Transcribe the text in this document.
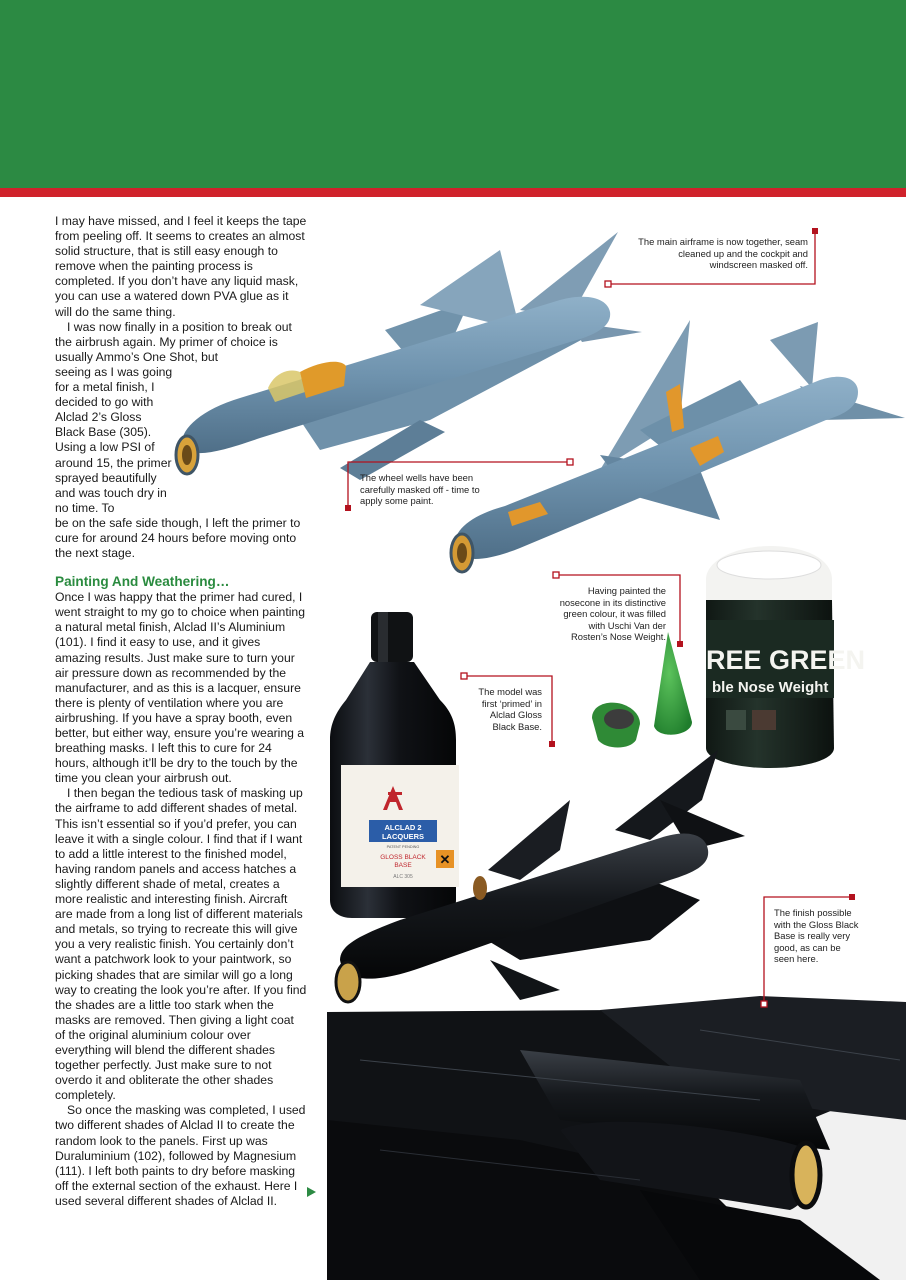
✕
ALCLAD 2
LACQUERS
PATENT PENDING
GLOSS BLACK
BASE
ALC 305
REE GREEN
ble Nose Weight

I may have missed, and I feel it keeps the tape from peeling off. It seems to creates an almost solid structure, that is still easy enough to remove when the painting process is completed. If you don’t have any liquid mask, you can use a watered down PVA glue as it will do the same thing.

I was now finally in a position to break out the airbrush again. My primer of choice is usually Ammo’s One Shot, but

seeing as I was going for a metal finish, I decided to go with Alclad 2’s Gloss Black Base (305). Using a low PSI of around 15, the primer sprayed beautifully and was touch dry in no time. To

be on the safe side though, I left the primer to cure for around 24 hours before moving onto the next stage.

Painting And Weathering…

Once I was happy that the primer had cured, I went straight to my go to choice when painting a natural metal finish, Alclad II’s Aluminium (101). I find it easy to use, and it gives amazing results. Just make sure to turn your air pressure down as recommended by the manufacturer, and as this is a lacquer, ensure there is plenty of ventilation where you are airbrushing. If you have a spray booth, even better, but either way, ensure you’re wearing a breathing masks. I left this to cure for 24 hours, although it’ll be dry to the touch by the time you clean your airbrush out.

I then began the tedious task of masking up the airframe to add different shades of metal. This isn’t essential so if you’d prefer, you can leave it with a single colour. I find that if I want to add a little interest to the finished model, having random panels and access hatches a slightly different shade of metal, creates a more realistic and interesting finish. Aircraft are made from a long list of different materials and metals, so trying to recreate this will give you a very realistic finish. You certainly don’t want a patchwork look to your paintwork, so picking shades that are similar will go a long way to creating the look you’re after. If you find the shades are a little too stark when the masks are removed. Then giving a light coat of the original aluminium colour over everything will blend the different shades together perfectly. Just make sure to not overdo it and obliterate the other shades completely.

So once the masking was completed, I used two different shades of Alclad II to create the random look to the panels. First up was Duraluminium (102), followed by Magnesium (111). I left both paints to dry before masking off the external section of the exhaust. Here I used several different shades of Alclad II.

The main airframe is now together, seam cleaned up and the cockpit and windscreen masked off.
The wheel wells have been carefully masked off - time to apply some paint.
Having painted the nosecone in its distinctive green colour, it was filled with Uschi Van der Rosten’s Nose Weight.
The model was first ‘primed’ in Alclad Gloss Black Base.
The finish possible with the Gloss Black Base is really very good, as can be seen here.
